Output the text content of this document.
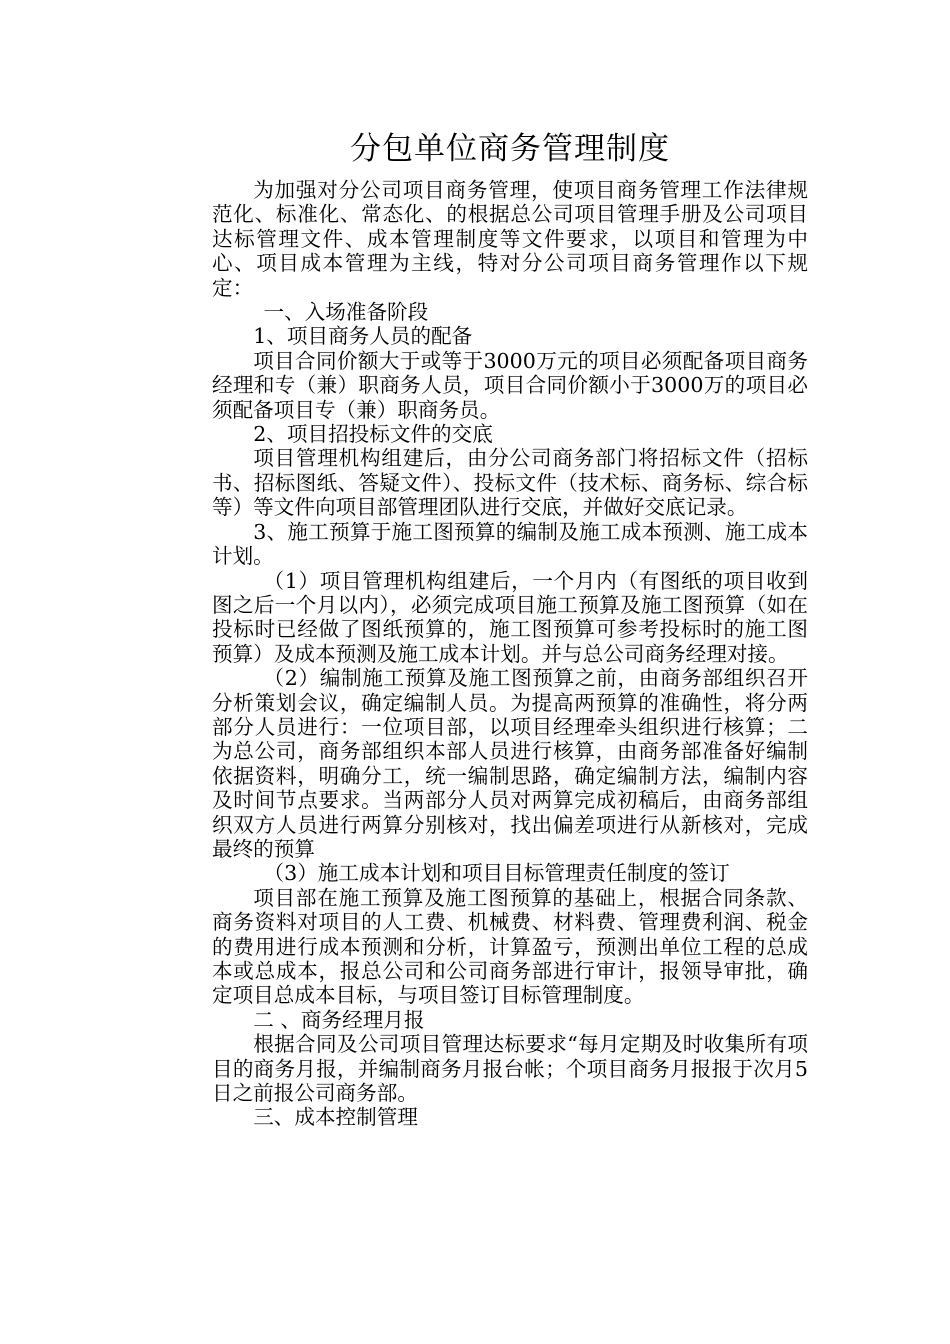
分包单位商务管理制度

为加强对分公司项目商务管理，使项目商务管理工作法律规范化、标准化、常态化、的根据总公司项目管理手册及公司项目达标管理文件、成本管理制度等文件要求，以项目和管理为中心、项目成本管理为主线，特对分公司项目商务管理作以下规定：

一、入场准备阶段

1、项目商务人员的配备

项目合同价额大于或等于3000万元的项目必须配备项目商务经理和专（兼）职商务人员，项目合同价额小于3000万的项目必须配备项目专（兼）职商务员。

2、项目招投标文件的交底

项目管理机构组建后，由分公司商务部门将招标文件（招标书、招标图纸、答疑文件）、投标文件（技术标、商务标、综合标等）等文件向项目部管理团队进行交底，并做好交底记录。

3、施工预算于施工图预算的编制及施工成本预测、施工成本计划。

（1）项目管理机构组建后，一个月内（有图纸的项目收到图之后一个月以内），必须完成项目施工预算及施工图预算（如在投标时已经做了图纸预算的，施工图预算可参考投标时的施工图预算）及成本预测及施工成本计划。并与总公司商务经理对接。

（2）编制施工预算及施工图预算之前，由商务部组织召开分析策划会议，确定编制人员。为提高两预算的准确性，将分两部分人员进行：一位项目部，以项目经理牵头组织进行核算；二为总公司，商务部组织本部人员进行核算，由商务部准备好编制依据资料，明确分工，统一编制思路，确定编制方法，编制内容及时间节点要求。当两部分人员对两算完成初稿后，由商务部组织双方人员进行两算分别核对，找出偏差项进行从新核对，完成最终的预算

（3）施工成本计划和项目目标管理责任制度的签订

项目部在施工预算及施工图预算的基础上，根据合同条款、商务资料对项目的人工费、机械费、材料费、管理费利润、税金的费用进行成本预测和分析，计算盈亏，预测出单位工程的总成本或总成本，报总公司和公司商务部进行审计，报领导审批，确定项目总成本目标，与项目签订目标管理制度。

二 、商务经理月报

根据合同及公司项目管理达标要求“每月定期及时收集所有项目的商务月报，并编制商务月报台帐；个项目商务月报报于次月5日之前报公司商务部。

三、成本控制管理
